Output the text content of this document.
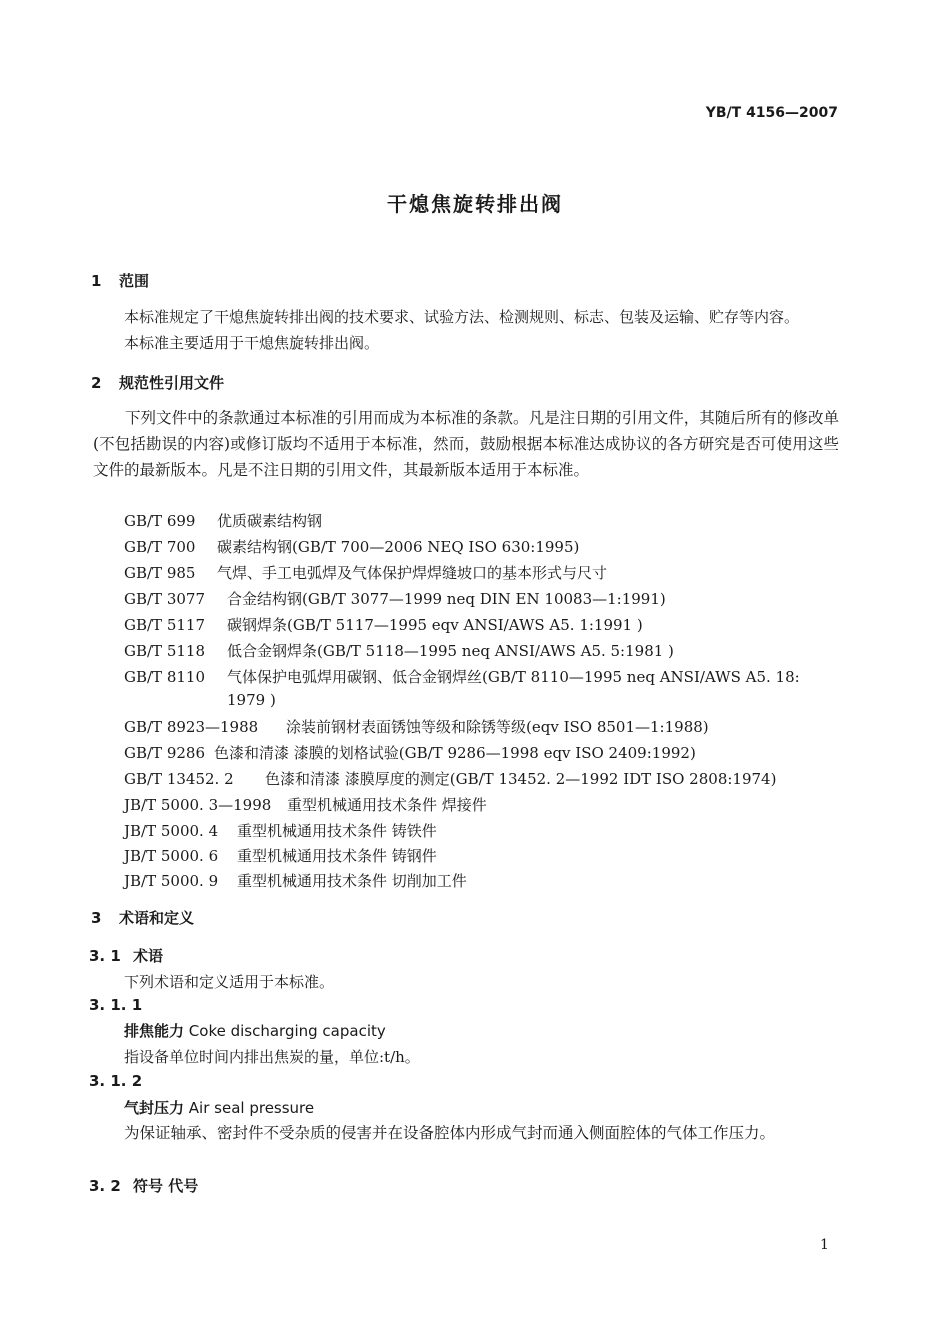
YB/T 4156—2007
干熄焦旋转排出阀
1 范围
本标准规定了干熄焦旋转排出阀的技术要求、试验方法、检测规则、标志、包装及运输、贮存等内容。
本标准主要适用于干熄焦旋转排出阀。
2 规范性引用文件
下列文件中的条款通过本标准的引用而成为本标准的条款。凡是注日期的引用文件，其随后所有的修改单(不包括勘误的内容)或修订版均不适用于本标准，然而，鼓励根据本标准达成协议的各方研究是否可使用这些文件的最新版本。凡是不注日期的引用文件，其最新版本适用于本标准。
GB/T 699 优质碳素结构钢
GB/T 700 碳素结构钢(GB/T 700—2006 NEQ ISO 630:1995)
GB/T 985 气焊、手工电弧焊及气体保护焊焊缝坡口的基本形式与尺寸
GB/T 3077 合金结构钢(GB/T 3077—1999 neq DIN EN 10083—1:1991)
GB/T 5117 碳钢焊条(GB/T 5117—1995 eqv ANSI/AWS A5. 1:1991 )
GB/T 5118 低合金钢焊条(GB/T 5118—1995 neq ANSI/AWS A5. 5:1981 )
GB/T 8110 气体保护电弧焊用碳钢、低合金钢焊丝(GB/T 8110—1995 neq ANSI/AWS A5. 18:
1979 )
GB/T 8923—1988 涂装前钢材表面锈蚀等级和除锈等级(eqv ISO 8501—1:1988)
GB/T 9286 色漆和清漆 漆膜的划格试验(GB/T 9286—1998 eqv ISO 2409:1992)
GB/T 13452. 2 色漆和清漆 漆膜厚度的测定(GB/T 13452. 2—1992 IDT ISO 2808:1974)
JB/T 5000. 3—1998 重型机械通用技术条件 焊接件
JB/T 5000. 4 重型机械通用技术条件 铸铁件
JB/T 5000. 6 重型机械通用技术条件 铸钢件
JB/T 5000. 9 重型机械通用技术条件 切削加工件
3 术语和定义
3. 1 术语
下列术语和定义适用于本标准。
3. 1. 1
排焦能力 Coke discharging capacity
指设备单位时间内排出焦炭的量，单位:t/h。
3. 1. 2
气封压力 Air seal pressure
为保证轴承、密封件不受杂质的侵害并在设备腔体内形成气封而通入侧面腔体的气体工作压力。
3. 2 符号 代号
1
